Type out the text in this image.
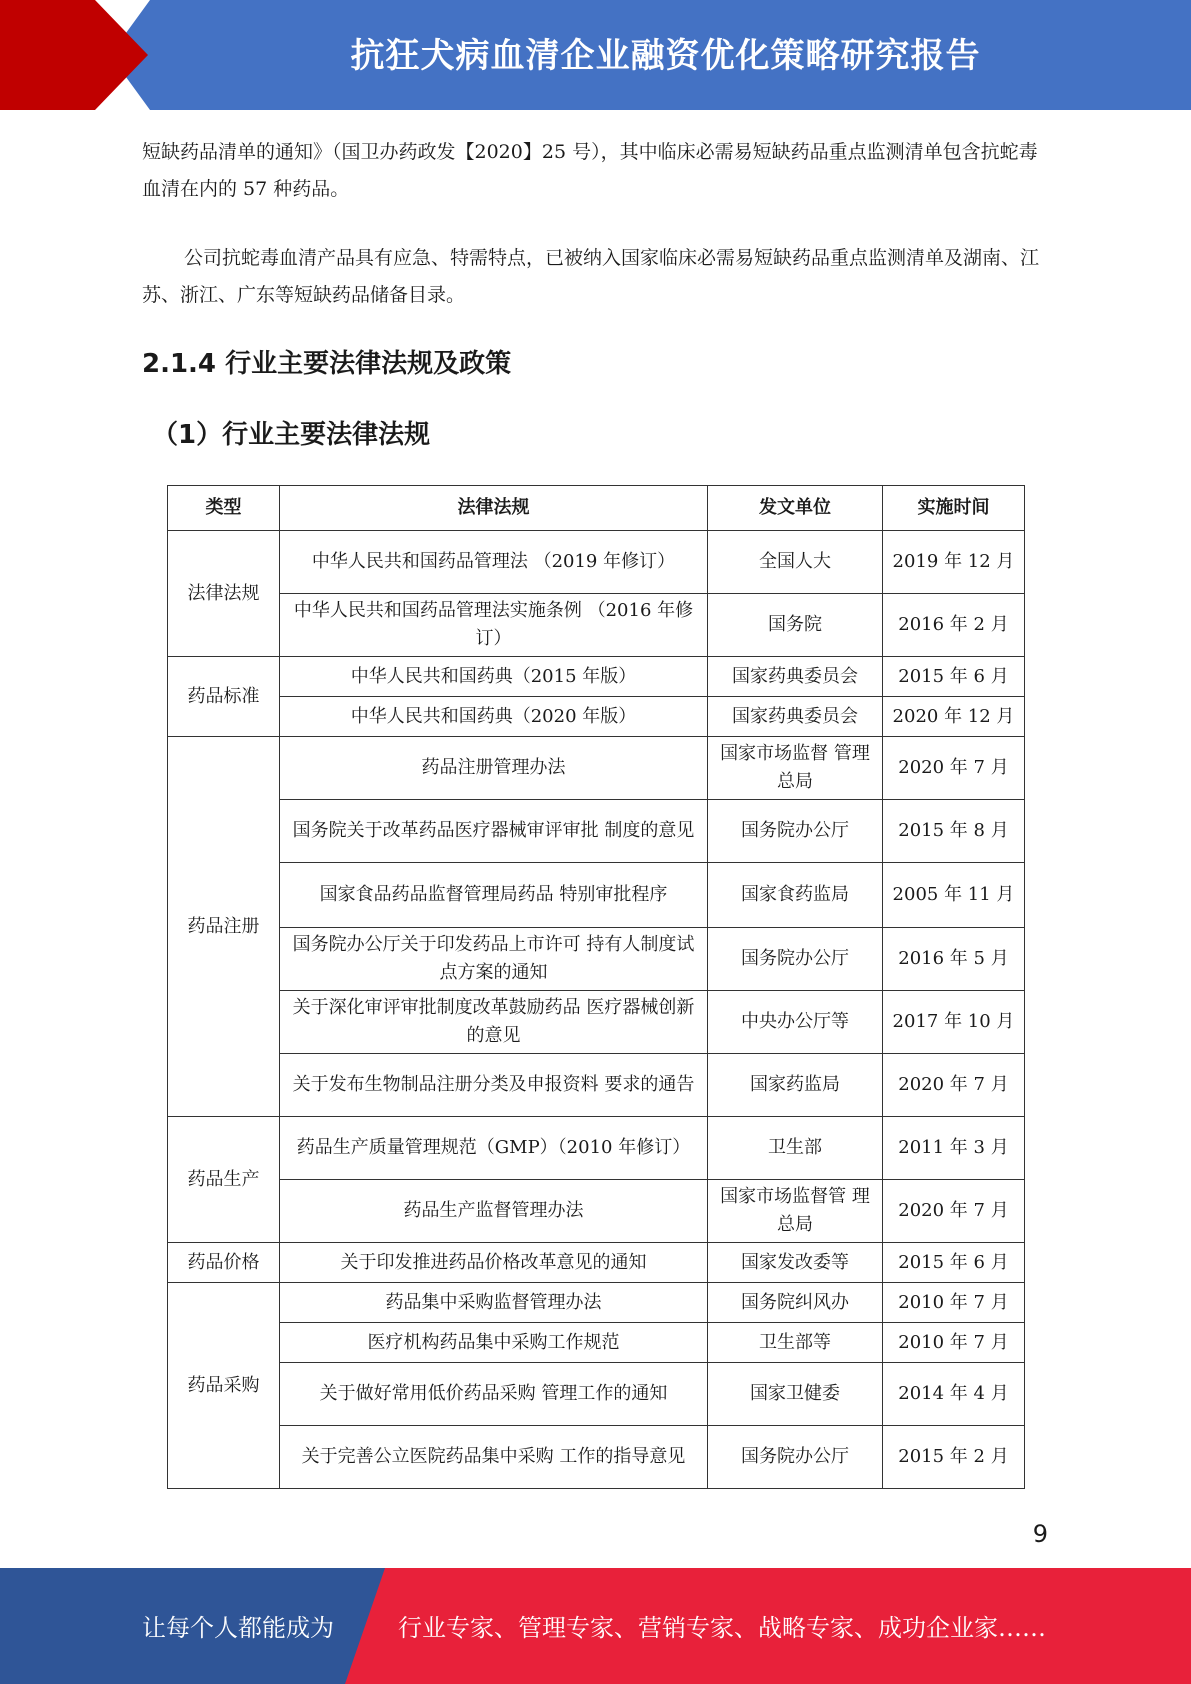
抗狂犬病血清企业融资优化策略研究报告

短缺药品清单的通知》（国卫办药政发【2020】25 号），其中临床必需易短缺药品重点监测清单包含抗蛇毒血清在内的 57 种药品。

公司抗蛇毒血清产品具有应急、特需特点，已被纳入国家临床必需易短缺药品重点监测清单及湖南、江苏、浙江、广东等短缺药品储备目录。

2.1.4 行业主要法律法规及政策
（1）行业主要法律法规
类型	法律法规	发文单位	实施时间
法律法规	中华人民共和国药品管理法 （2019 年修订）	全国人大	2019 年 12 月
	中华人民共和国药品管理法实施条例 （2016 年修订）	国务院	2016 年 2 月
药品标准	中华人民共和国药典（2015 年版）	国家药典委员会	2015 年 6 月
	中华人民共和国药典（2020 年版）	国家药典委员会	2020 年 12 月
药品注册	药品注册管理办法	国家市场监督 管理总局	2020 年 7 月
	国务院关于改革药品医疗器械审评审批 制度的意见	国务院办公厅	2015 年 8 月
	国家食品药品监督管理局药品 特别审批程序	国家食药监局	2005 年 11 月
	国务院办公厅关于印发药品上市许可 持有人制度试点方案的通知	国务院办公厅	2016 年 5 月
	关于深化审评审批制度改革鼓励药品 医疗器械创新的意见	中央办公厅等	2017 年 10 月
	关于发布生物制品注册分类及申报资料 要求的通告	国家药监局	2020 年 7 月
药品生产	药品生产质量管理规范（GMP）（2010 年修订）	卫生部	2011 年 3 月
	药品生产监督管理办法	国家市场监督管 理总局	2020 年 7 月
药品价格	关于印发推进药品价格改革意见的通知	国家发改委等	2015 年 6 月
药品采购	药品集中采购监督管理办法	国务院纠风办	2010 年 7 月
	医疗机构药品集中采购工作规范	卫生部等	2010 年 7 月
	关于做好常用低价药品采购 管理工作的通知	国家卫健委	2014 年 4 月
	关于完善公立医院药品集中采购 工作的指导意见	国务院办公厅	2015 年 2 月
9
让每个人都能成为	行业专家、管理专家、营销专家、战略专家、成功企业家……
